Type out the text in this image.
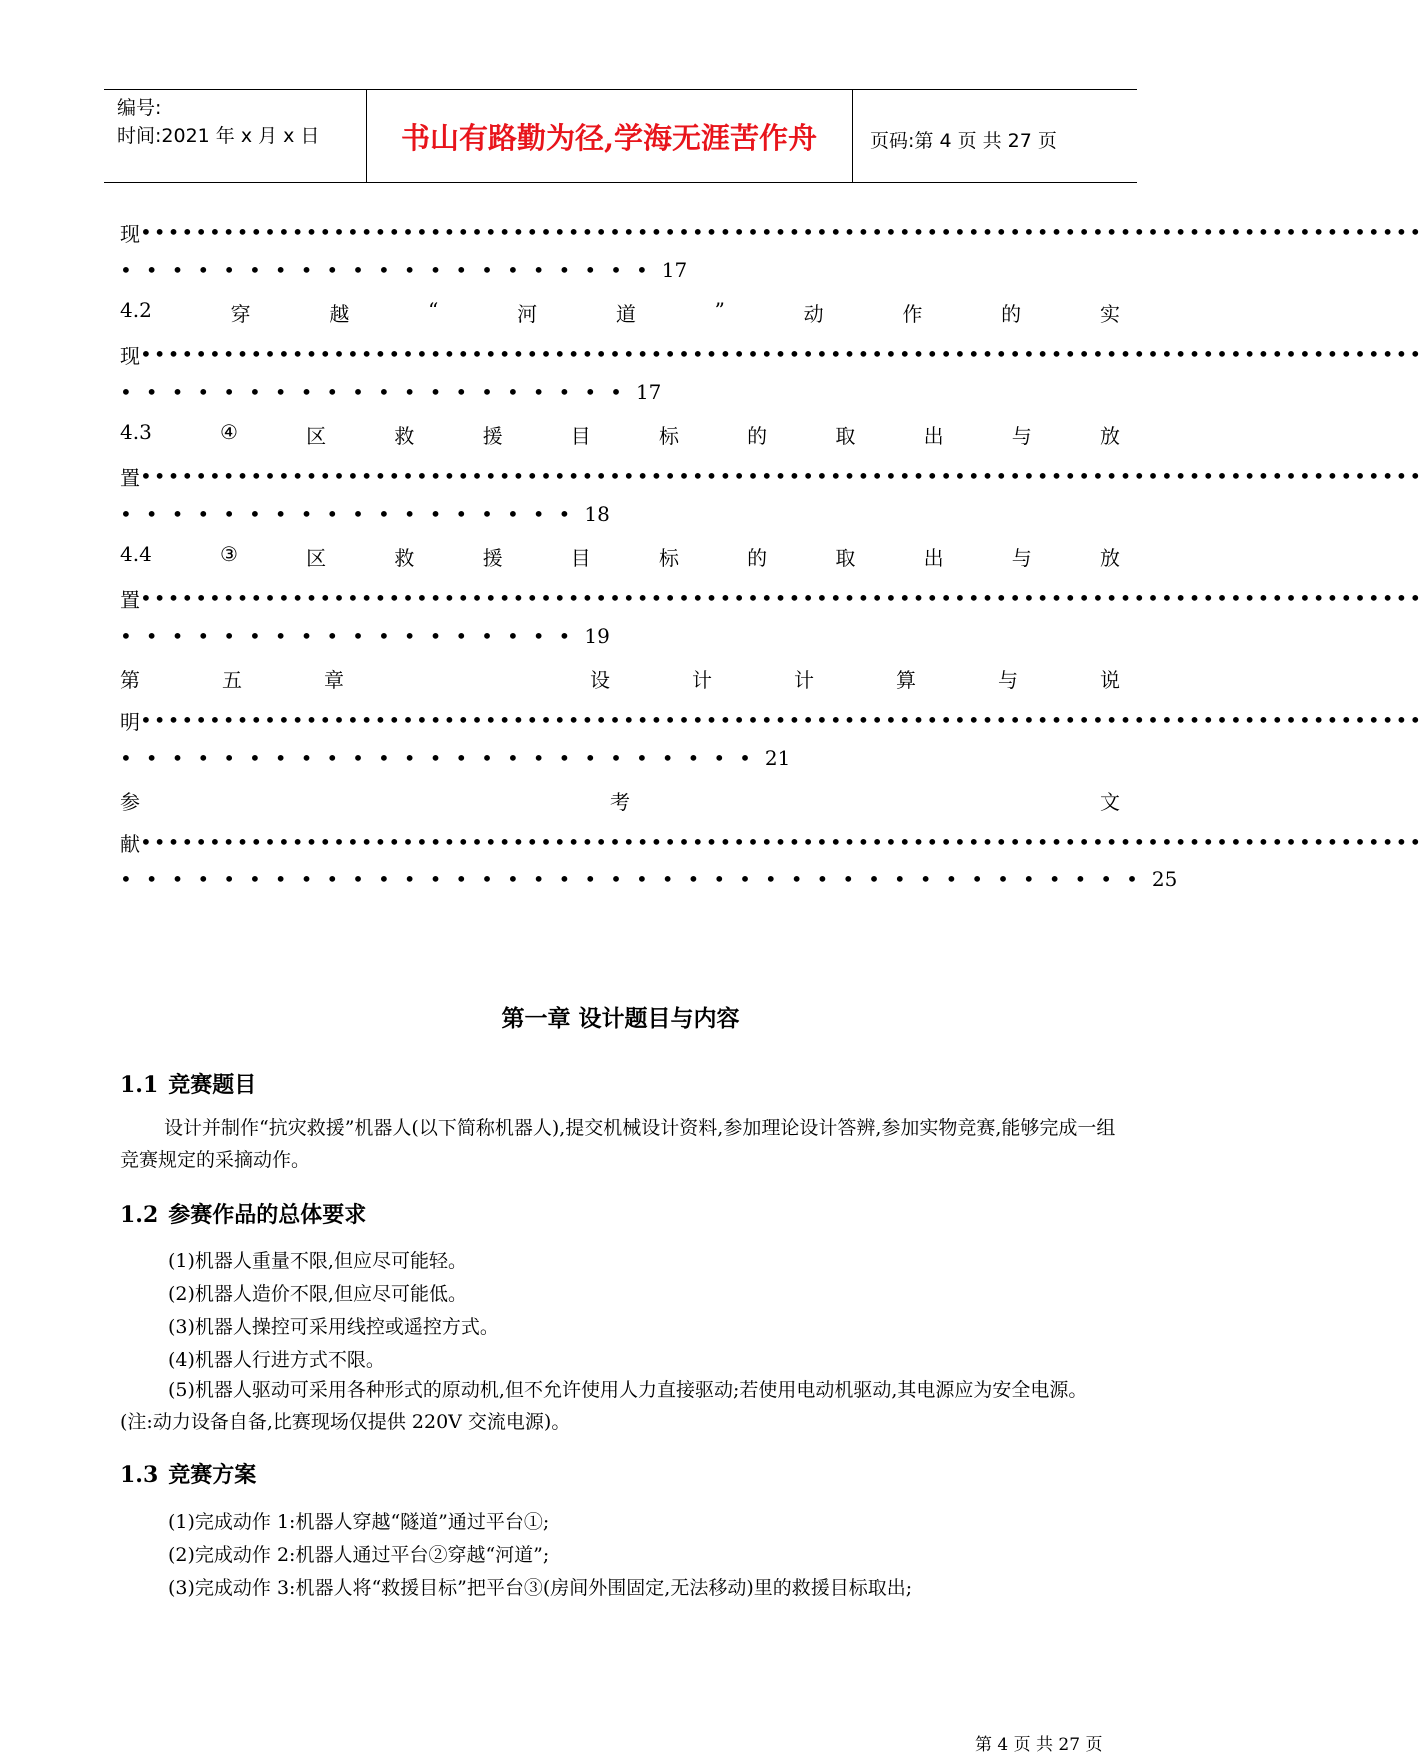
编号:
时间:2021 年 x 月 x 日	书山有路勤为径,学海无涯苦作舟	页码:第 4 页 共 27 页
现 •••••••••••••••••••••••••••••••••••••••••••••••••••••••••••••••••••••••••••••••••••••••••••••
•••••••••••••••••••••17
4.2	穿	越	“	河	道	”	动	作	的	实
现 •••••••••••••••••••••••••••••••••••••••••••••••••••••••••••••••••••••••••••••••••••••••••••••
••••••••••••••••••••17
4.3	④	区	救	援	目	标	的	取	出	与	放
置 •••••••••••••••••••••••••••••••••••••••••••••••••••••••••••••••••••••••••••••••••••••••••••••
••••••••••••••••••18
4.4	③	区	救	援	目	标	的	取	出	与	放
置 •••••••••••••••••••••••••••••••••••••••••••••••••••••••••••••••••••••••••••••••••••••••••••••
••••••••••••••••••19
第	五	章	设	计	计	算	与	说
明 •••••••••••••••••••••••••••••••••••••••••••••••••••••••••••••••••••••••••••••••••••••••••••••
•••••••••••••••••••••••••21
参	考	文
献 •••••••••••••••••••••••••••••••••••••••••••••••••••••••••••••••••••••••••••••••••••••••••••••
••••••••••••••••••••••••••••••••••••••••25
第一章 设计题目与内容
1.1 竞赛题目
设计并制作“抗灾救援”机器人(以下简称机器人),提交机械设计资料,参加理论设计答辨,参加实物竞赛,能够完成一组竞赛规定的采摘动作。
1.2 参赛作品的总体要求
(1)机器人重量不限,但应尽可能轻。
(2)机器人造价不限,但应尽可能低。
(3)机器人操控可采用线控或遥控方式。
(4)机器人行进方式不限。
(5)机器人驱动可采用各种形式的原动机,但不允许使用人力直接驱动;若使用电动机驱动,其电源应为安全电源。(注:动力设备自备,比赛现场仅提供 220V 交流电源)。
1.3 竞赛方案
(1)完成动作 1:机器人穿越“隧道”通过平台①;
(2)完成动作 2:机器人通过平台②穿越“河道”;
(3)完成动作 3:机器人将“救援目标”把平台③(房间外围固定,无法移动)里的救援目标取出;
第 4 页 共 27 页
